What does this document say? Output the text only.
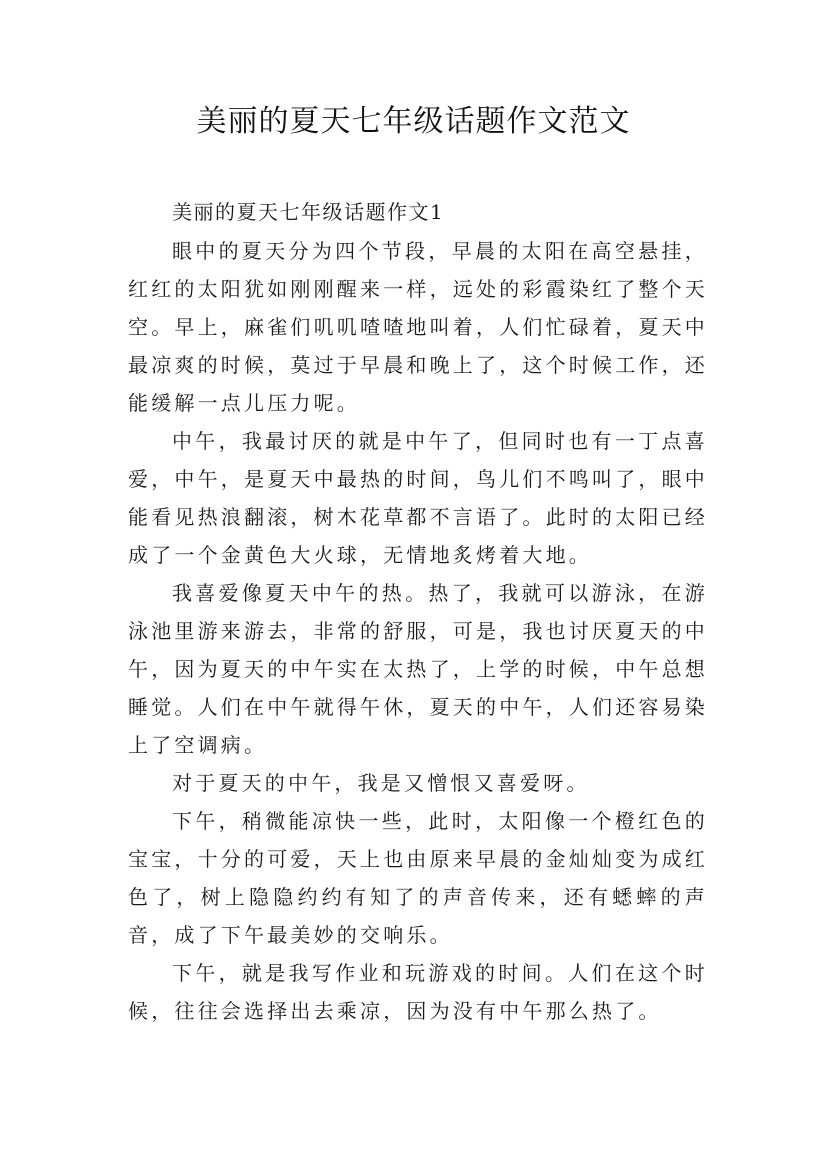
美丽的夏天七年级话题作文范文

美丽的夏天七年级话题作文1

眼中的夏天分为四个节段，早晨的太阳在高空悬挂，红红的太阳犹如刚刚醒来一样，远处的彩霞染红了整个天空。早上，麻雀们叽叽喳喳地叫着，人们忙碌着，夏天中最凉爽的时候，莫过于早晨和晚上了，这个时候工作，还能缓解一点儿压力呢。

中午，我最讨厌的就是中午了，但同时也有一丁点喜爱，中午，是夏天中最热的时间，鸟儿们不鸣叫了，眼中能看见热浪翻滚，树木花草都不言语了。此时的太阳已经成了一个金黄色大火球，无情地炙烤着大地。

我喜爱像夏天中午的热。热了，我就可以游泳，在游泳池里游来游去，非常的舒服，可是，我也讨厌夏天的中午，因为夏天的中午实在太热了，上学的时候，中午总想睡觉。人们在中午就得午休，夏天的中午，人们还容易染上了空调病。

对于夏天的中午，我是又憎恨又喜爱呀。

下午，稍微能凉快一些，此时，太阳像一个橙红色的宝宝，十分的可爱，天上也由原来早晨的金灿灿变为成红色了，树上隐隐约约有知了的声音传来，还有蟋蟀的声音，成了下午最美妙的交响乐。

下午，就是我写作业和玩游戏的时间。人们在这个时候，往往会选择出去乘凉，因为没有中午那么热了。
